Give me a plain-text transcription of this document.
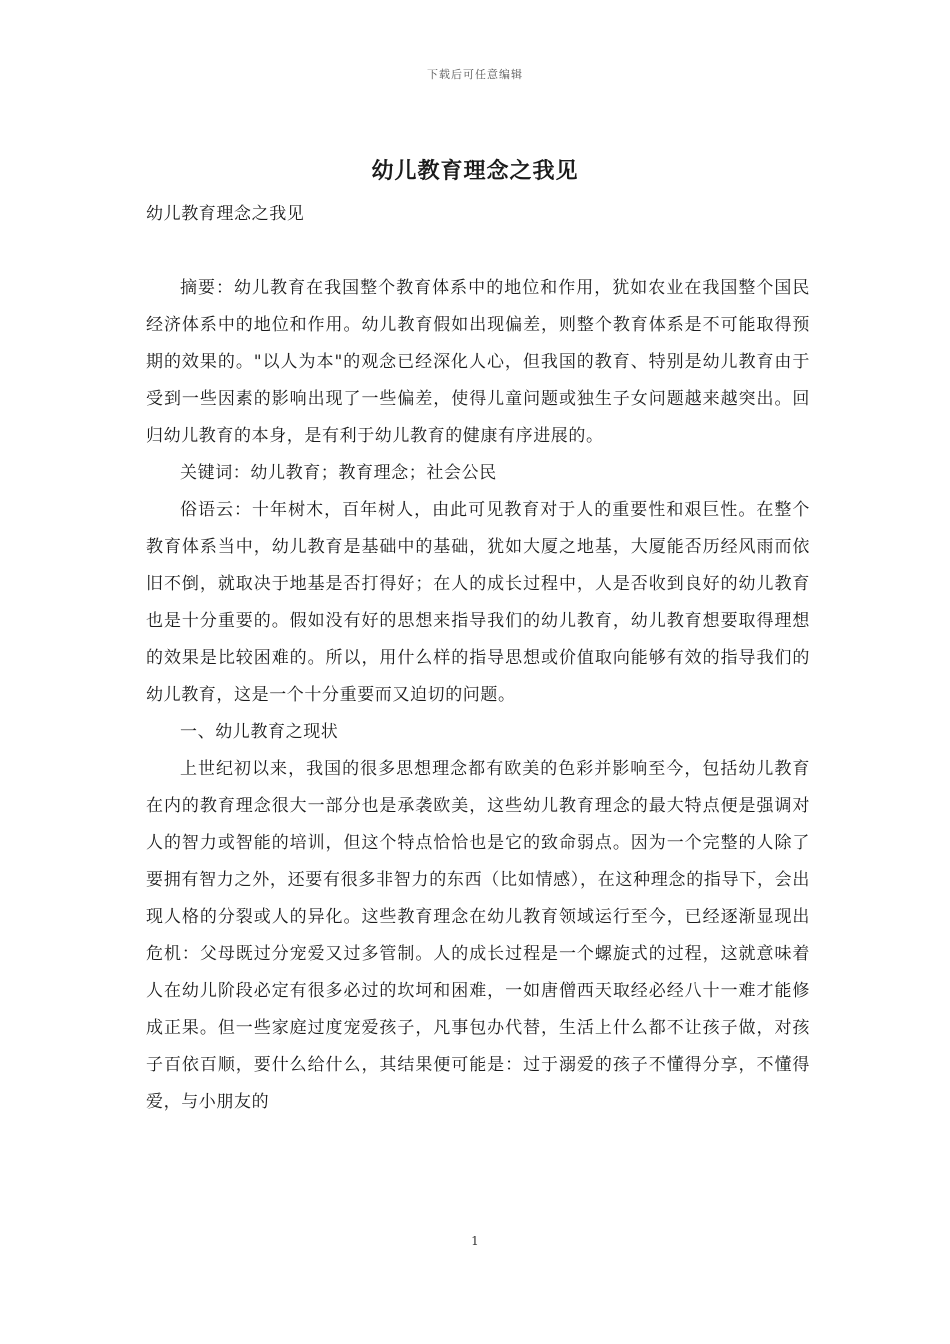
下载后可任意编辑
幼儿教育理念之我见

幼儿教育理念之我见

摘要：幼儿教育在我国整个教育体系中的地位和作用，犹如农业在我国整个国民经济体系中的地位和作用。幼儿教育假如出现偏差，则整个教育体系是不可能取得预期的效果的。"以人为本"的观念已经深化人心，但我国的教育、特别是幼儿教育由于受到一些因素的影响出现了一些偏差，使得儿童问题或独生子女问题越来越突出。回归幼儿教育的本身，是有利于幼儿教育的健康有序进展的。

关键词：幼儿教育；教育理念；社会公民

俗语云：十年树木，百年树人，由此可见教育对于人的重要性和艰巨性。在整个教育体系当中，幼儿教育是基础中的基础，犹如大厦之地基，大厦能否历经风雨而依旧不倒，就取决于地基是否打得好；在人的成长过程中，人是否收到良好的幼儿教育也是十分重要的。假如没有好的思想来指导我们的幼儿教育，幼儿教育想要取得理想的效果是比较困难的。所以，用什么样的指导思想或价值取向能够有效的指导我们的幼儿教育，这是一个十分重要而又迫切的问题。

一、幼儿教育之现状

上世纪初以来，我国的很多思想理念都有欧美的色彩并影响至今，包括幼儿教育在内的教育理念很大一部分也是承袭欧美，这些幼儿教育理念的最大特点便是强调对人的智力或智能的培训，但这个特点恰恰也是它的致命弱点。因为一个完整的人除了要拥有智力之外，还要有很多非智力的东西（比如情感），在这种理念的指导下，会出现人格的分裂或人的异化。这些教育理念在幼儿教育领域运行至今，已经逐渐显现出危机：父母既过分宠爱又过多管制。人的成长过程是一个螺旋式的过程，这就意味着人在幼儿阶段必定有很多必过的坎坷和困难，一如唐僧西天取经必经八十一难才能修成正果。但一些家庭过度宠爱孩子，凡事包办代替，生活上什么都不让孩子做，对孩子百依百顺，要什么给什么，其结果便可能是：过于溺爱的孩子不懂得分享，不懂得爱，与小朋友的

1
